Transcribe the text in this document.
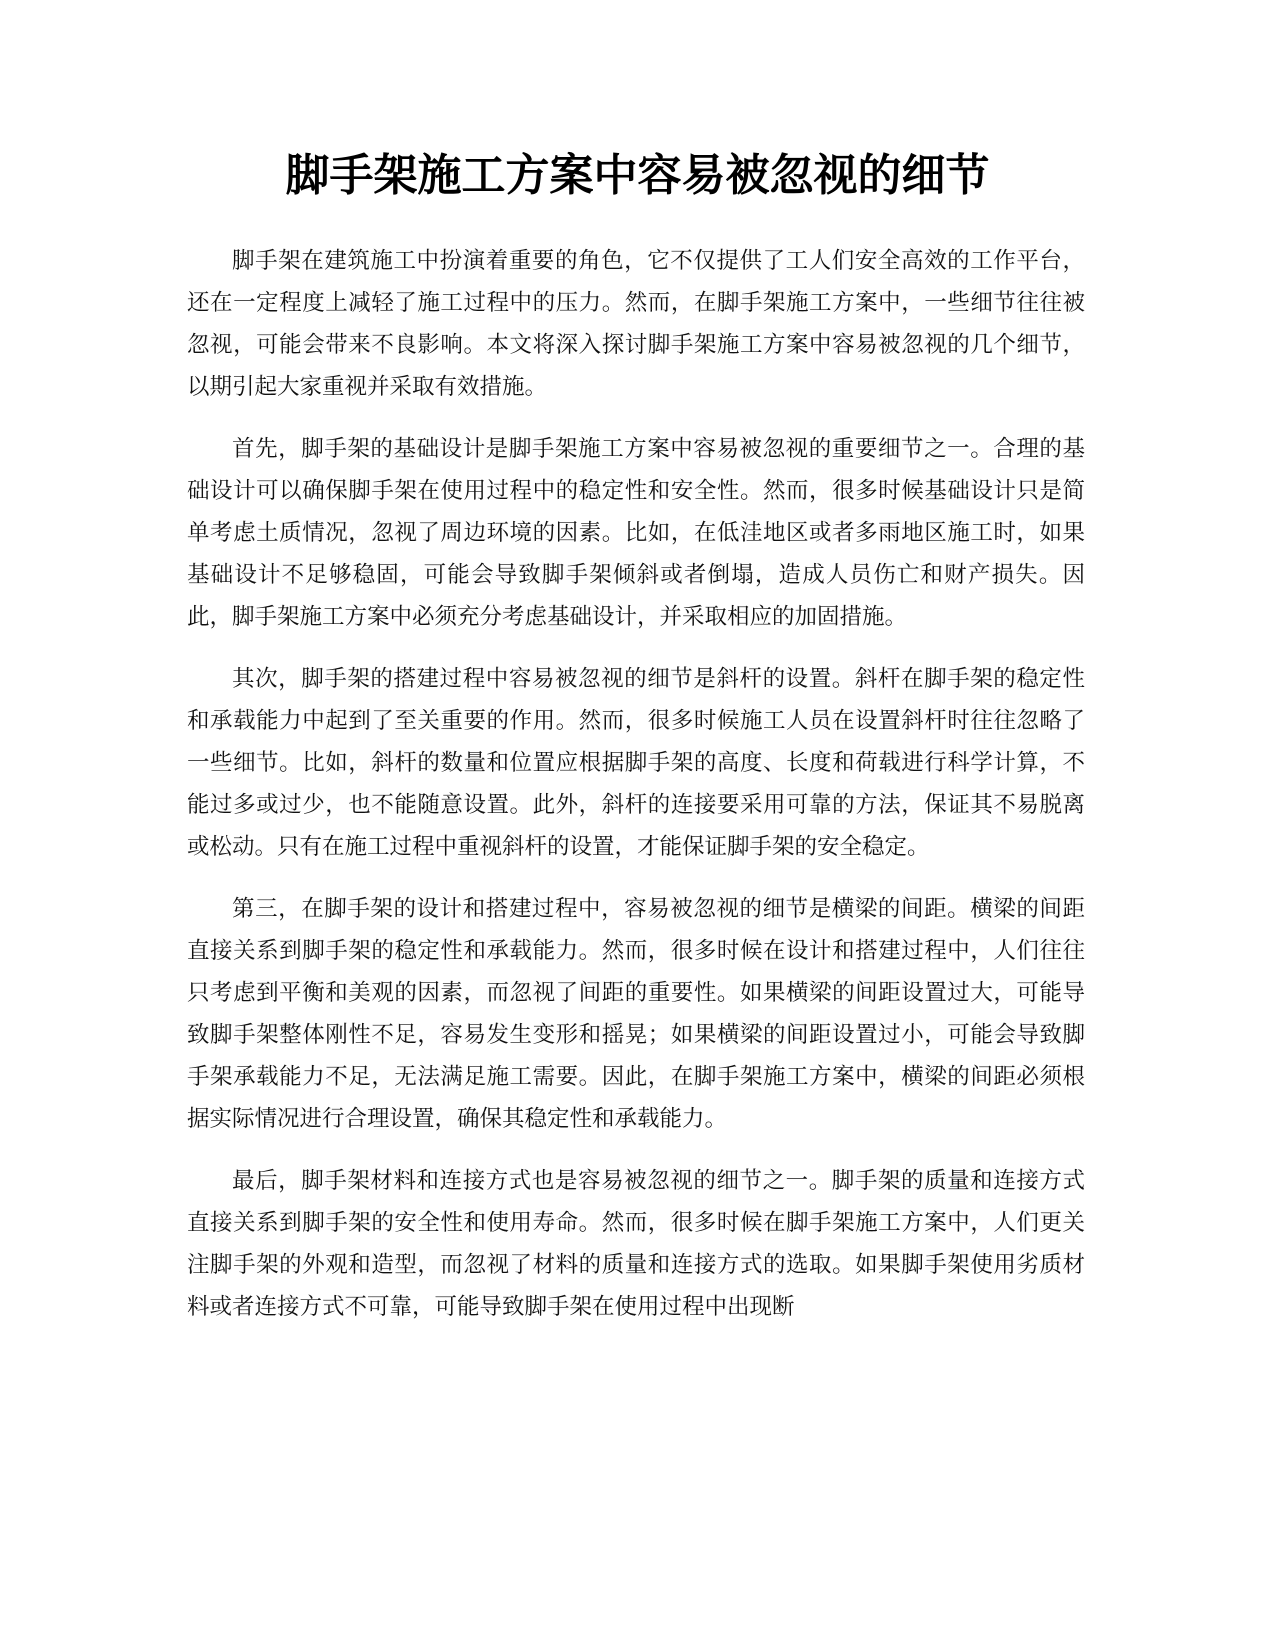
脚手架施工方案中容易被忽视的细节

脚手架在建筑施工中扮演着重要的角色，它不仅提供了工人们安全高效的工作平台，还在一定程度上减轻了施工过程中的压力。然而，在脚手架施工方案中，一些细节往往被忽视，可能会带来不良影响。本文将深入探讨脚手架施工方案中容易被忽视的几个细节，以期引起大家重视并采取有效措施。

首先，脚手架的基础设计是脚手架施工方案中容易被忽视的重要细节之一。合理的基础设计可以确保脚手架在使用过程中的稳定性和安全性。然而，很多时候基础设计只是简单考虑土质情况，忽视了周边环境的因素。比如，在低洼地区或者多雨地区施工时，如果基础设计不足够稳固，可能会导致脚手架倾斜或者倒塌，造成人员伤亡和财产损失。因此，脚手架施工方案中必须充分考虑基础设计，并采取相应的加固措施。

其次，脚手架的搭建过程中容易被忽视的细节是斜杆的设置。斜杆在脚手架的稳定性和承载能力中起到了至关重要的作用。然而，很多时候施工人员在设置斜杆时往往忽略了一些细节。比如，斜杆的数量和位置应根据脚手架的高度、长度和荷载进行科学计算，不能过多或过少，也不能随意设置。此外，斜杆的连接要采用可靠的方法，保证其不易脱离或松动。只有在施工过程中重视斜杆的设置，才能保证脚手架的安全稳定。

第三，在脚手架的设计和搭建过程中，容易被忽视的细节是横梁的间距。横梁的间距直接关系到脚手架的稳定性和承载能力。然而，很多时候在设计和搭建过程中，人们往往只考虑到平衡和美观的因素，而忽视了间距的重要性。如果横梁的间距设置过大，可能导致脚手架整体刚性不足，容易发生变形和摇晃；如果横梁的间距设置过小，可能会导致脚手架承载能力不足，无法满足施工需要。因此，在脚手架施工方案中，横梁的间距必须根据实际情况进行合理设置，确保其稳定性和承载能力。

最后，脚手架材料和连接方式也是容易被忽视的细节之一。脚手架的质量和连接方式直接关系到脚手架的安全性和使用寿命。然而，很多时候在脚手架施工方案中，人们更关注脚手架的外观和造型，而忽视了材料的质量和连接方式的选取。如果脚手架使用劣质材料或者连接方式不可靠，可能导致脚手架在使用过程中出现断
